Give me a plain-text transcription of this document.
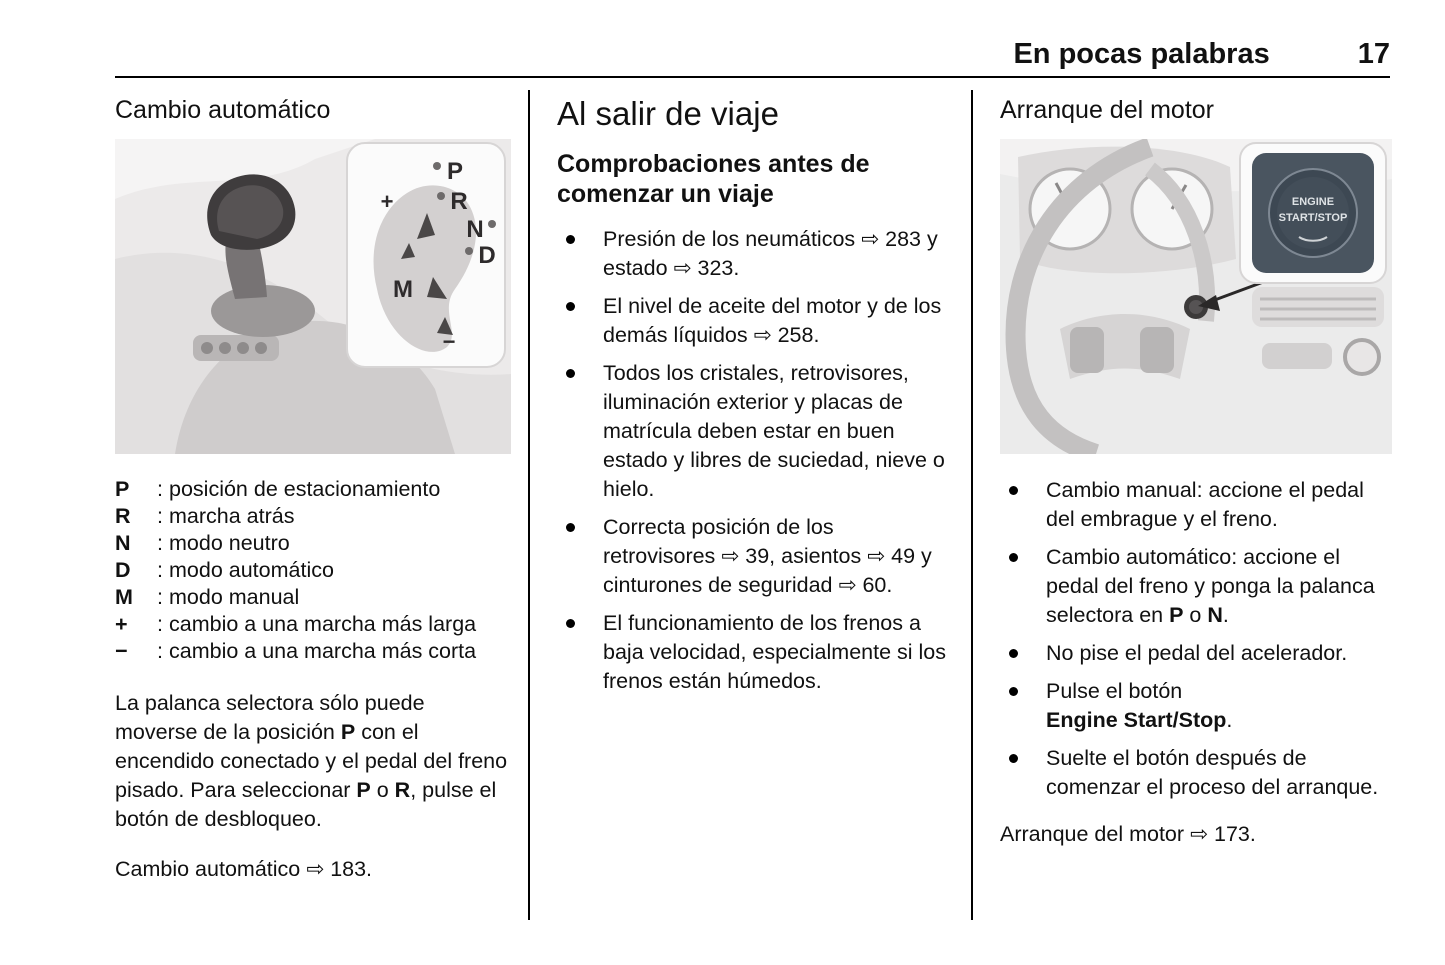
En pocas palabras	17
Cambio automático
P
R
N
D
M
+
−
P	: posición de estacionamiento
R	: marcha atrás
N	: modo neutro
D	: modo automático
M	: modo manual
+	: cambio a una marcha más larga
−	: cambio a una marcha más corta

La palanca selectora sólo puede moverse de la posición P con el encendido conectado y el pedal del freno pisado. Para seleccionar P o R, pulse el botón de desbloqueo.

Cambio automático ⇨ 183.

Al salir de viaje
Comprobaciones antes de comenzar un viaje
Presión de los neumáticos ⇨ 283 y estado ⇨ 323.
El nivel de aceite del motor y de los demás líquidos ⇨ 258.
Todos los cristales, retrovisores, iluminación exterior y placas de matrícula deben estar en buen estado y libres de suciedad, nieve o hielo.
Correcta posición de los retrovisores ⇨ 39, asientos ⇨ 49 y cinturones de seguridad ⇨ 60.
El funcionamiento de los frenos a baja velocidad, especialmente si los frenos están húmedos.
Arranque del motor
ENGINE
START/STOP
Cambio manual: accione el pedal del embrague y el freno.
Cambio automático: accione el pedal del freno y ponga la palanca selectora en P o N.
No pise el pedal del acelerador.
Pulse el botón
Engine Start/Stop.
Suelte el botón después de comenzar el proceso del arranque.

Arranque del motor ⇨ 173.
